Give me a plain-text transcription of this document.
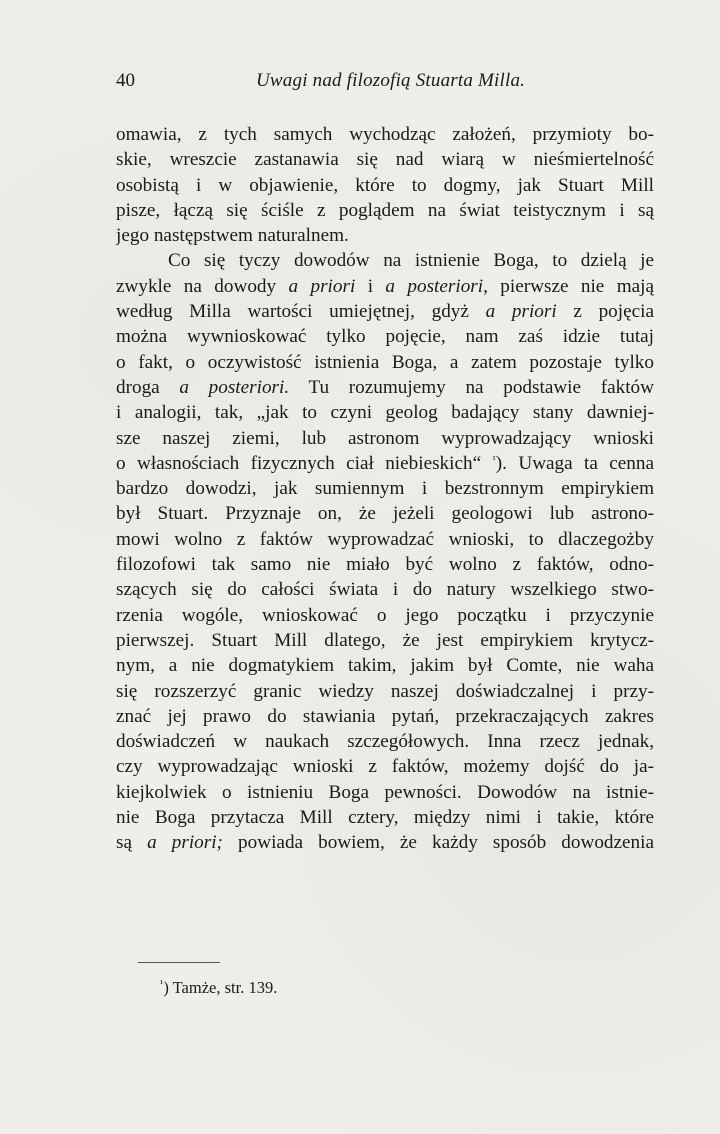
40	Uwagi nad filozofią Stuarta Milla.
omawia, z tych samych wychodząc założeń, przymioty bo-
skie, wreszcie zastanawia się nad wiarą w nieśmiertelność
osobistą i w objawienie, które to dogmy, jak Stuart Mill
pisze, łączą się ściśle z poglądem na świat teistycznym i są
jego następstwem naturalnem.
Co się tyczy dowodów na istnienie Boga, to dzielą je
zwykle na dowody a priori i a posteriori, pierwsze nie mają
według Milla wartości umiejętnej, gdyż a priori z pojęcia
można wywnioskować tylko pojęcie, nam zaś idzie tutaj
o fakt, o oczywistość istnienia Boga, a zatem pozostaje tylko
droga a posteriori. Tu rozumujemy na podstawie faktów
i analogii, tak, „jak to czyni geolog badający stany dawniej-
sze naszej ziemi, lub astronom wyprowadzający wnioski
o własnościach fizycznych ciał niebieskich“ $^{^1}$). Uwaga ta cenna
bardzo dowodzi, jak sumiennym i bezstronnym empirykiem
był Stuart. Przyznaje on, że jeżeli geologowi lub astrono-
mowi wolno z faktów wyprowadzać wnioski, to dlaczegożby
filozofowi tak samo nie miało być wolno z faktów, odno-
szących się do całości świata i do natury wszelkiego stwo-
rzenia wogóle, wnioskować o jego początku i przyczynie
pierwszej. Stuart Mill dlatego, że jest empirykiem krytycz-
nym, a nie dogmatykiem takim, jakim był Comte, nie waha
się rozszerzyć granic wiedzy naszej doświadczalnej i przy-
znać jej prawo do stawiania pytań, przekraczających zakres
doświadczeń w naukach szczegółowych. Inna rzecz jednak,
czy wyprowadzając wnioski z faktów, możemy dojść do ja-
kiejkolwiek o istnieniu Boga pewności. Dowodów na istnie-
nie Boga przytacza Mill cztery, między nimi i takie, które
są a priori; powiada bowiem, że każdy sposób dowodzenia
$^{^1}$) Tamże, str. 139.
